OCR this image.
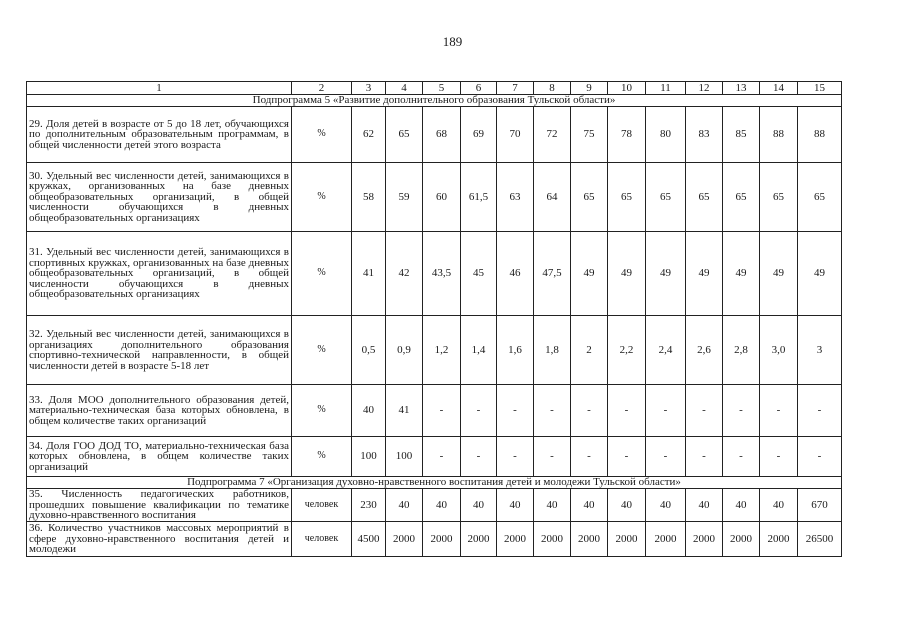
189
1	2	3	4	5	6	7	8	9	10	11	12	13	14	15
Подпрограмма 5 «Развитие дополнительного образования Тульской области»														
29. Доля детей в возрасте от 5 до 18 лет, обучающихся по дополнительным образовательным программам, в общей численности детей этого возраста	%	62	65	68	69	70	72	75	78	80	83	85	88	88
30. Удельный вес численности детей, занимающихся в кружках, организованных на базе дневных общеобразовательных организаций, в общей численности обучающихся в дневных общеобразовательных организациях	%	58	59	60	61,5	63	64	65	65	65	65	65	65	65
31. Удельный вес численности детей, занимающихся в спортивных кружках, организованных на базе дневных общеобразовательных организаций, в общей численности обучающихся в дневных общеобразовательных организациях	%	41	42	43,5	45	46	47,5	49	49	49	49	49	49	49
32. Удельный вес численности детей, занимающихся в организациях дополнительного образования спортивно-технической направленности, в общей численности детей в возрасте 5-18 лет	%	0,5	0,9	1,2	1,4	1,6	1,8	2	2,2	2,4	2,6	2,8	3,0	3
33. Доля МОО дополнительного образования детей, материально-техническая база которых обновлена, в общем количестве таких организаций	%	40	41	-	-	-	-	-	-	-	-	-	-	-
34. Доля ГОО ДОД ТО, материально-техническая база которых обновлена, в общем количестве таких организаций	%	100	100	-	-	-	-	-	-	-	-	-	-	-
Подпрограмма 7 «Организация духовно-нравственного воспитания детей и молодежи Тульской области»														
35. Численность педагогических работников, прошедших повышение квалификации по тематике духовно-нравственного воспитания	человек	230	40	40	40	40	40	40	40	40	40	40	40	670
36. Количество участников массовых мероприятий в сфере духовно-нравственного воспитания детей и молодежи	человек	4500	2000	2000	2000	2000	2000	2000	2000	2000	2000	2000	2000	26500
